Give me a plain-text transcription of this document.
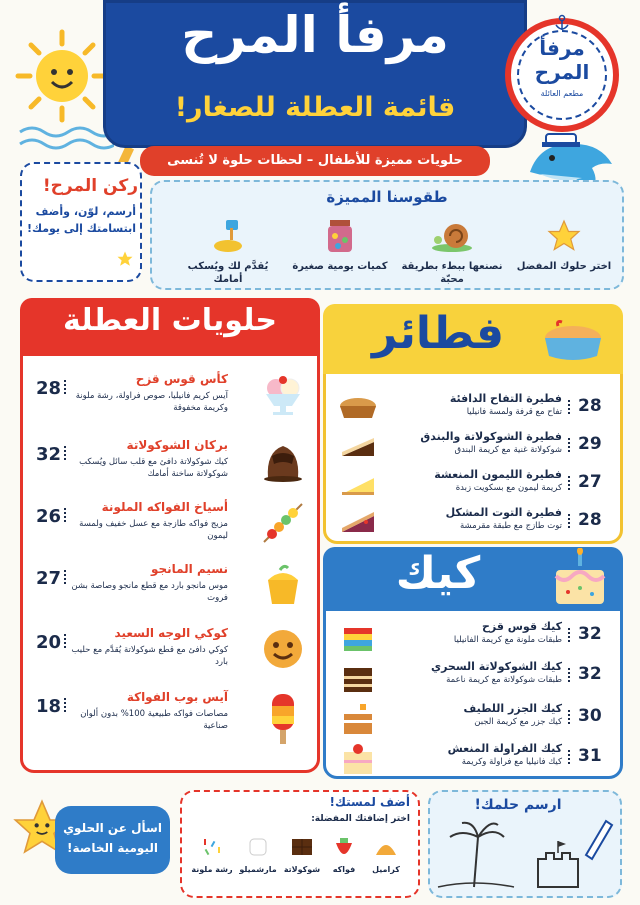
مرفأ المرح
قائمة العطلة للصغار!
حلويات مميزة للأطفال – لحظات حلوة لا تُنسى
مرفأ
المرح
مطعم العائلة
ركن المرح!
أرسم، لوّن، وأضف ابتسامتك إلى يومك!
طقوسنا المميزة
يُقدَّم لك ويُسكب أمامك
كميات يومية صغيرة	نصنعها ببطء بطريقة محبّة
اختر حلوك المفضل
حلويات العطلة
28	كأس قوس قزح
آيس كريم فانيليا، صوص فراولة، رشة ملونة وكريمة مخفوقة
32	بركان الشوكولاتة
كيك شوكولاتة دافئ مع قلب سائل ويُسكب شوكولاتة ساخنة أمامك
26	أسياخ الفواكه الملونة
مزيج فواكه طازجة مع عسل خفيف ولمسة ليمون
27	نسيم المانجو
موس مانجو بارد مع قطع مانجو وصاصة بشن فروت
20	كوكي الوجه السعيد
كوكي دافئ مع قطع شوكولاتة يُقدَّم مع حليب بارد
18	آيس بوب الفواكة
مصاصات فواكه طبيعية 100% بدون ألوان صناعية
فطائر
28
فطيرة التفاح الدافئة
تفاح مع قرفة ولمسة فانيليا
29
فطيرة الشوكولاتة والبندق
شوكولاتة غنية مع كريمة البندق
27
فطيرة الليمون المنعشة
كريمة ليمون مع بسكويت زبدة
28
فطيرة التوت المشكل
توت طازج مع طبقة مقرمشة
كيك
32
كيك قوس قزح
طبقات ملونة مع كريمة الفانيليا
32
كيك الشوكولاتة السحري
طبقات شوكولاتة مع كريمة ناعمة
30
كيك الجزر اللطيف
كيك جزر مع كريمة الجبن
31
كيك الفراولة المنعش
كيك فانيليا مع فراولة وكريمة
اسأل عن الحلوي اليومية الخاصة!
أضف لمستك!
اختر إضافتك المفضلة:
كراميل
فواكه
شوكولاتة
مارشميلو
رشة ملونة
ارسم حلمك!
